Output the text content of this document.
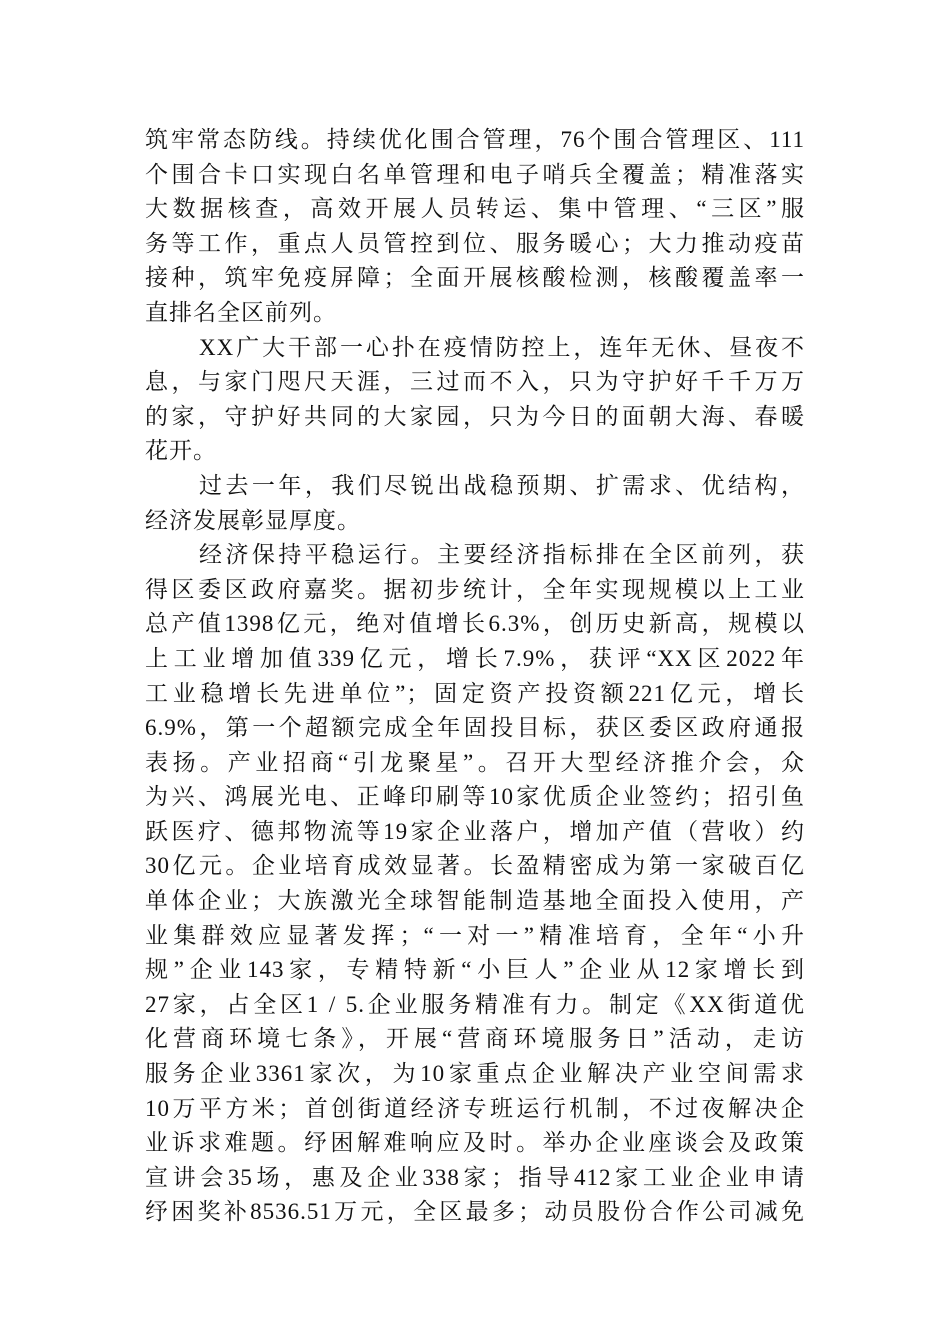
筑牢常态防线。持续优化围合管理，76个围合管理区、111
个围合卡口实现白名单管理和电子哨兵全覆盖；精准落实
大数据核查，高效开展人员转运、集中管理、“三区”服
务等工作，重点人员管控到位、服务暖心；大力推动疫苗
接种，筑牢免疫屏障；全面开展核酸检测，核酸覆盖率一
直排名全区前列。
XX广大干部一心扑在疫情防控上，连年无休、昼夜不
息，与家门咫尺天涯，三过而不入，只为守护好千千万万
的家，守护好共同的大家园，只为今日的面朝大海、春暖
花开。
过去一年，我们尽锐出战稳预期、扩需求、优结构，
经济发展彰显厚度。
经济保持平稳运行。主要经济指标排在全区前列，获
得区委区政府嘉奖。据初步统计，全年实现规模以上工业
总产值1398亿元，绝对值增长6.3%，创历史新高，规模以
上工业增加值339亿元，增长7.9%，获评“XX区2022年
工业稳增长先进单位”；固定资产投资额221亿元，增长
6.9%，第一个超额完成全年固投目标，获区委区政府通报
表扬。产业招商“引龙聚星”。召开大型经济推介会，众
为兴、鸿展光电、正峰印刷等10家优质企业签约；招引鱼
跃医疗、德邦物流等19家企业落户，增加产值（营收）约
30亿元。企业培育成效显著。长盈精密成为第一家破百亿
单体企业；大族激光全球智能制造基地全面投入使用，产
业集群效应显著发挥；“一对一”精准培育，全年“小升
规”企业143家，专精特新“小巨人”企业从12家增长到
27家，占全区1 / 5.企业服务精准有力。制定《XX街道优
化营商环境七条》，开展“营商环境服务日”活动，走访
服务企业3361家次，为10家重点企业解决产业空间需求
10万平方米；首创街道经济专班运行机制，不过夜解决企
业诉求难题。纾困解难响应及时。举办企业座谈会及政策
宣讲会35场，惠及企业338家；指导412家工业企业申请
纾困奖补8536.51万元，全区最多；动员股份合作公司减免
